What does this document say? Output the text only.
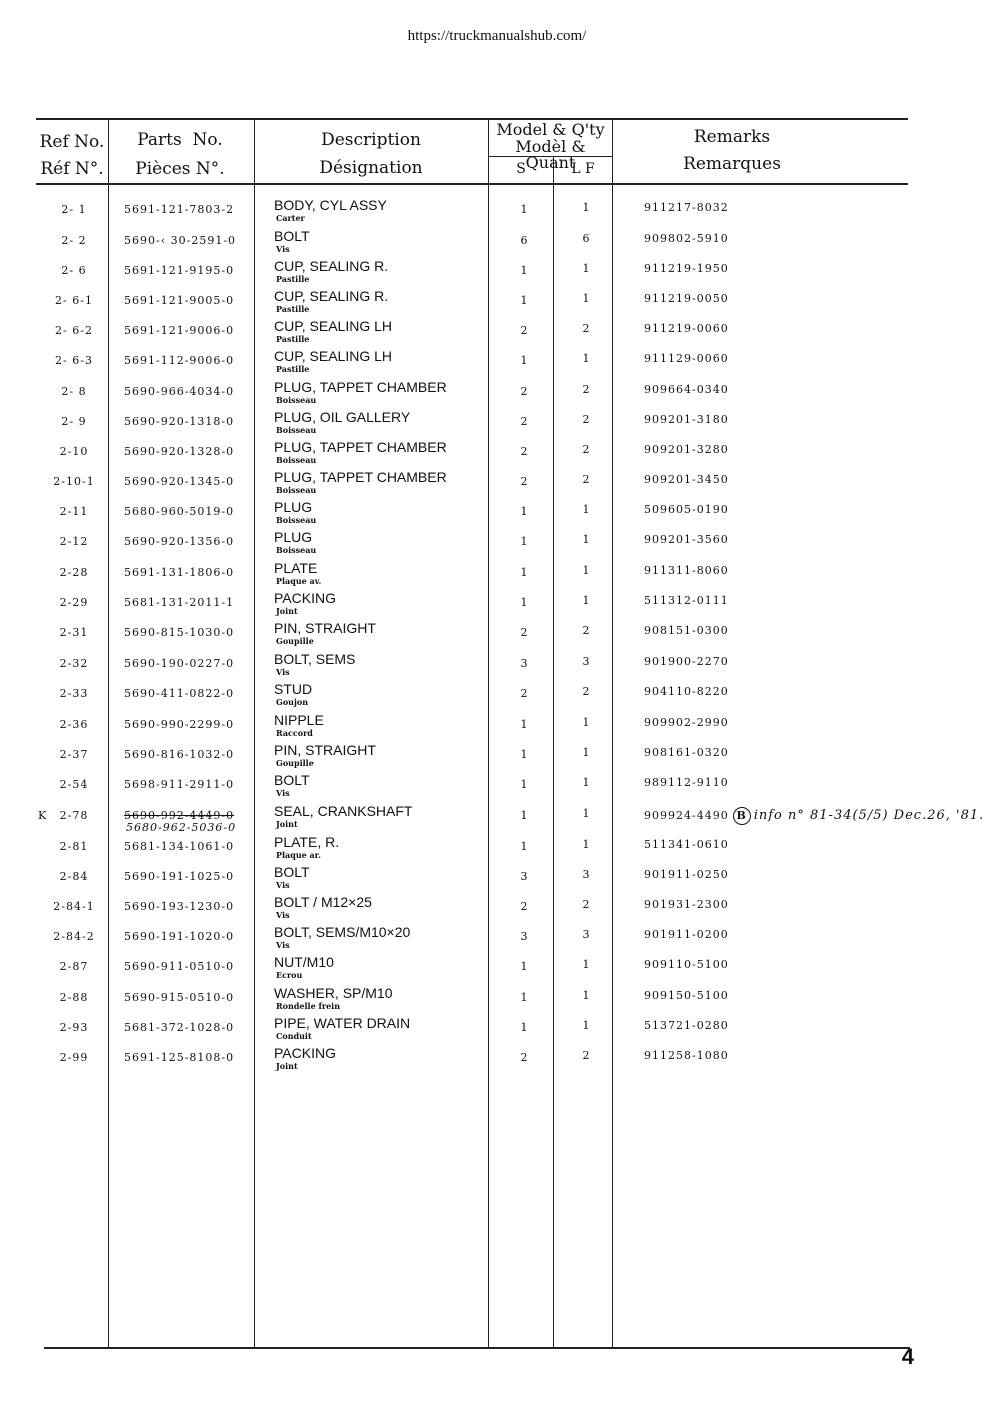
https://truckmanualshub.com/
Ref No.
Réf N°.
Parts  No.
Pièces N°.
Description
Désignation
Model & Q'ty
Modèl & Quant
S	L F
Remarks
Remarques
2- 1	5691-121-7803-2	BODY, CYL ASSY
Carter
1	1	911217-8032
2- 2	5690-‹ 30-2591-0	BOLT
Vis
6	6	909802-5910
2- 6	5691-121-9195-0	CUP, SEALING R.
Pastille
1	1	911219-1950
2- 6-1	5691-121-9005-0	CUP, SEALING R.
Pastille
1	1	911219-0050
2- 6-2	5691-121-9006-0	CUP, SEALING LH
Pastille
2	2	911219-0060
2- 6-3	5691-112-9006-0	CUP, SEALING LH
Pastille
1	1	911129-0060
2- 8	5690-966-4034-0	PLUG, TAPPET CHAMBER
Boisseau
2	2	909664-0340
2- 9	5690-920-1318-0	PLUG, OIL GALLERY
Boisseau
2	2	909201-3180
2-10	5690-920-1328-0	PLUG, TAPPET CHAMBER
Boisseau
2	2	909201-3280
2-10-1	5690-920-1345-0	PLUG, TAPPET CHAMBER
Boisseau
2	2	909201-3450
2-11	5680-960-5019-0	PLUG
Boisseau
1	1	509605-0190
2-12	5690-920-1356-0	PLUG
Boisseau
1	1	909201-3560
2-28	5691-131-1806-0	PLATE
Plaque av.
1	1	911311-8060
2-29	5681-131-2011-1	PACKING
Joint
1	1	511312-0111
2-31	5690-815-1030-0	PIN, STRAIGHT
Goupille
2	2	908151-0300
2-32	5690-190-0227-0	BOLT, SEMS
Vis
3	3	901900-2270
2-33	5690-411-0822-0	STUD
Goujon
2	2	904110-8220
2-36	5690-990-2299-0	NIPPLE
Raccord
1	1	909902-2990
2-37	5690-816-1032-0	PIN, STRAIGHT
Goupille
1	1	908161-0320
2-54	5698-911-2911-0	BOLT
Vis
1	1	989112-9110
K	2-78	5690-992-4449-0
5680-962-5036-0
SEAL, CRANKSHAFT
Joint
1	1	909924-4490 B info n° 81-34(5/5) Dec.26, '81.
2-81	5681-134-1061-0	PLATE, R.
Plaque ar.
1	1	511341-0610
2-84	5690-191-1025-0	BOLT
Vis
3	3	901911-0250
2-84-1	5690-193-1230-0	BOLT / M12×25
Vis
2	2	901931-2300
2-84-2	5690-191-1020-0	BOLT, SEMS/M10×20
Vis
3	3	901911-0200
2-87	5690-911-0510-0	NUT/M10
Ecrou
1	1	909110-5100
2-88	5690-915-0510-0	WASHER, SP/M10
Rondelle frein
1	1	909150-5100
2-93	5681-372-1028-0	PIPE, WATER DRAIN
Conduit
1	1	513721-0280
2-99	5691-125-8108-0	PACKING
Joint
2	2	911258-1080
4
